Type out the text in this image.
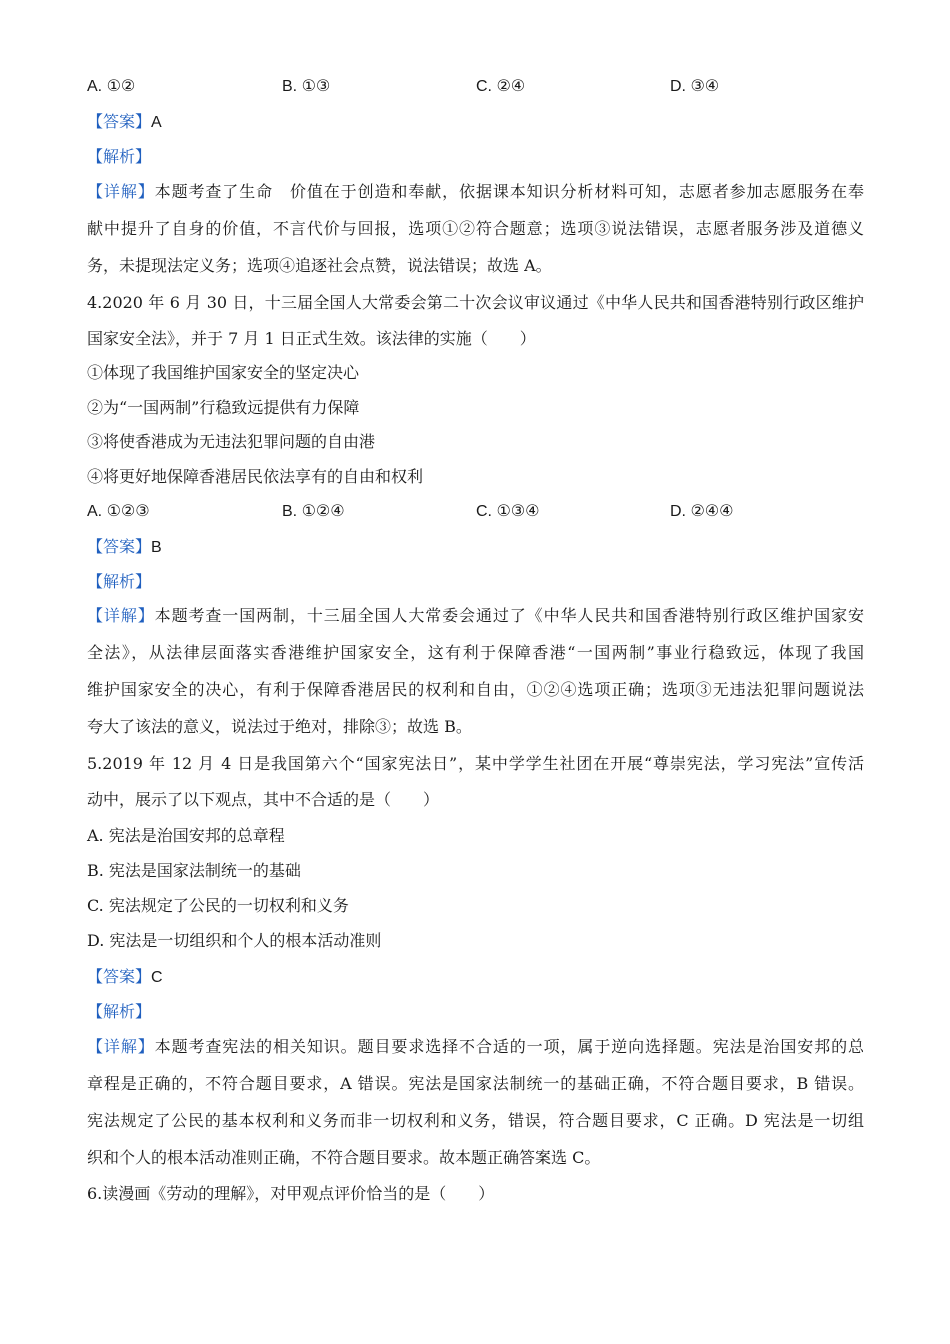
A. ①②	B. ①③	C. ②④	D. ③④
【答案】A
【解析】
【详解】本题考查了生命　价值在于创造和奉献，依据课本知识分析材料可知，志愿者参加志愿服务在奉
献中提升了自身的价值，不言代价与回报，选项①②符合题意；选项③说法错误，志愿者服务涉及道德义
务，未提现法定义务；选项④追逐社会点赞，说法错误；故选 A。
4.2020 年 6 月 30 日，十三届全国人大常委会第二十次会议审议通过《中华人民共和国香港特别行政区维护
国家安全法》，并于 7 月 1 日正式生效。该法律的实施（　　）
①体现了我国维护国家安全的坚定决心
②为“一国两制”行稳致远提供有力保障
③将使香港成为无违法犯罪问题的自由港
④将更好地保障香港居民依法享有的自由和权利
A. ①②③	B. ①②④	C. ①③④	D. ②④④
【答案】B
【解析】
【详解】本题考查一国两制，十三届全国人大常委会通过了《中华人民共和国香港特别行政区维护国家安
全法》，从法律层面落实香港维护国家安全，这有利于保障香港“一国两制”事业行稳致远，体现了我国
维护国家安全的决心，有利于保障香港居民的权利和自由，①②④选项正确；选项③无违法犯罪问题说法
夸大了该法的意义，说法过于绝对，排除③；故选 B。
5.2019 年 12 月 4 日是我国第六个“国家宪法日”，某中学学生社团在开展“尊崇宪法，学习宪法”宣传活
动中，展示了以下观点，其中不合适的是（　　）
A. 宪法是治国安邦的总章程
B. 宪法是国家法制统一的基础
C. 宪法规定了公民的一切权利和义务
D. 宪法是一切组织和个人的根本活动准则
【答案】C
【解析】
【详解】本题考查宪法的相关知识。题目要求选择不合适的一项，属于逆向选择题。宪法是治国安邦的总
章程是正确的，不符合题目要求，A 错误。宪法是国家法制统一的基础正确，不符合题目要求，B 错误。
宪法规定了公民的基本权利和义务而非一切权利和义务，错误，符合题目要求，C 正确。D 宪法是一切组
织和个人的根本活动准则正确，不符合题目要求。故本题正确答案选 C。
6.读漫画《劳动的理解》，对甲观点评价恰当的是（　　）
